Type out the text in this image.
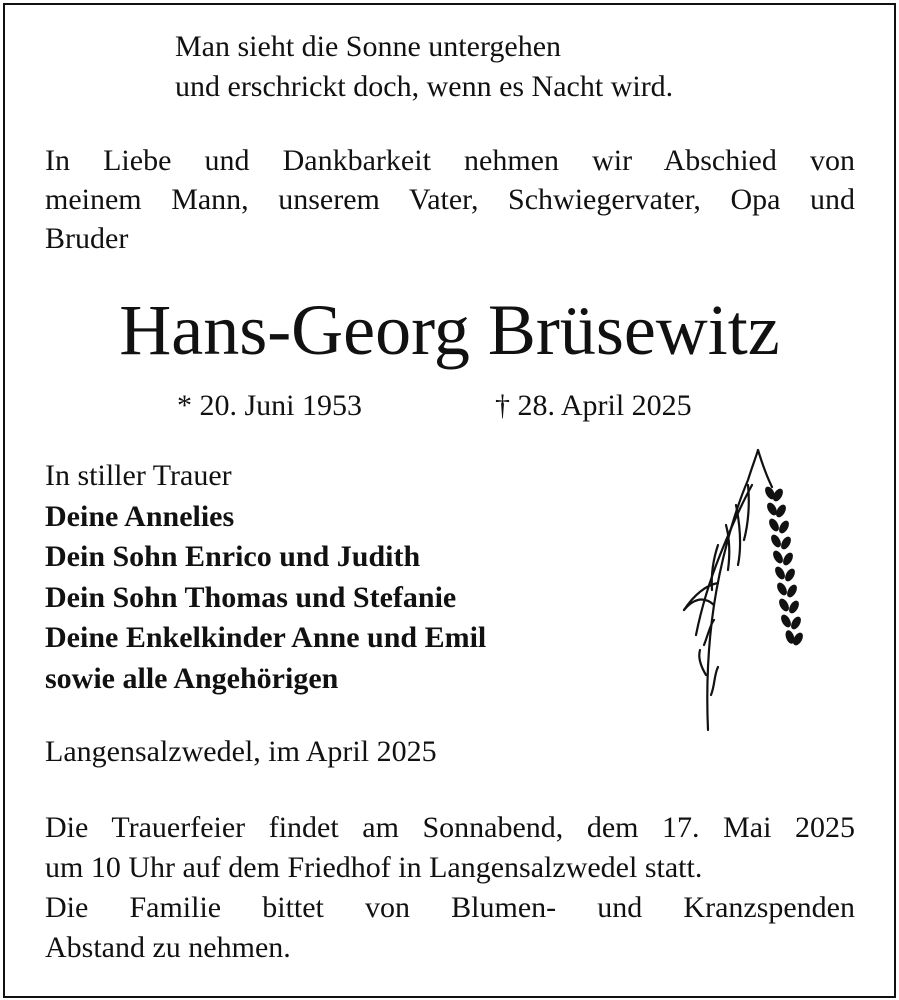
Man sieht die Sonne untergehen
und erschrickt doch, wenn es Nacht wird.
In Liebe und Dankbarkeit nehmen wir Abschied von
meinem Mann, unserem Vater, Schwiegervater, Opa und
Bruder
Hans-Georg Brüsewitz
* 20. Juni 1953	† 28. April 2025
In stiller Trauer
Deine Annelies
Dein Sohn Enrico und Judith
Dein Sohn Thomas und Stefanie
Deine Enkelkinder Anne und Emil
sowie alle Angehörigen
Langensalzwedel, im April 2025
Die Trauerfeier findet am Sonnabend, dem 17. Mai 2025
um 10 Uhr auf dem Friedhof in Langensalzwedel statt.
Die Familie bittet von Blumen- und Kranzspenden
Abstand zu nehmen.
